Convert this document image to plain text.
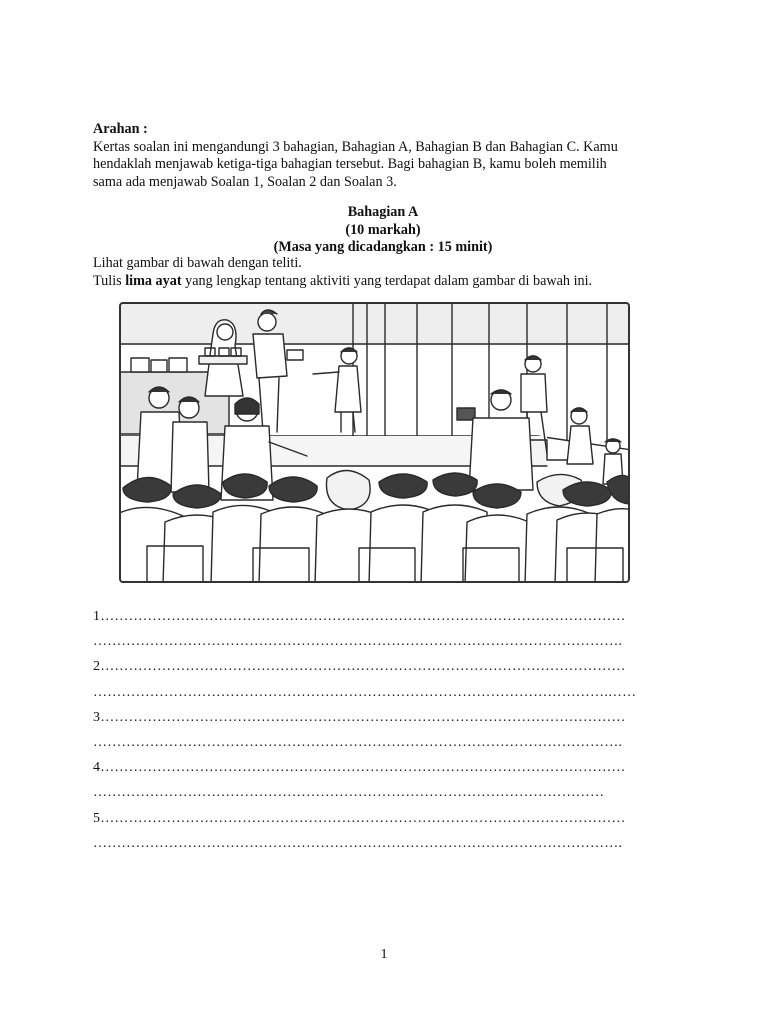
Arahan :
Kertas soalan ini mengandungi 3 bahagian, Bahagian A, Bahagian B dan Bahagian C. Kamu
hendaklah menjawab ketiga-tiga bahagian tersebut. Bagi bahagian B, kamu boleh memilih
sama ada menjawab Soalan 1, Soalan 2 dan Soalan 3.
Bahagian A
(10 markah)
(Masa yang dicadangkan : 15 minit)
Lihat gambar di bawah dengan teliti.
Tulis lima ayat yang lengkap tentang aktiviti yang terdapat dalam gambar di bawah ini.
1…………………………………………………………………………………………………
………………………………………………………………………………………………….
2…………………………………………………………………………………………………
……………………………………………………………………………………………….……
3…………………………………………………………………………………………………
………………………………………………………………………………………………….
4…………………………………………………………………………………………………
………………………………………………………………………………………………
5…………………………………………………………………………………………………
………………………………………………………………………………………………….
1
